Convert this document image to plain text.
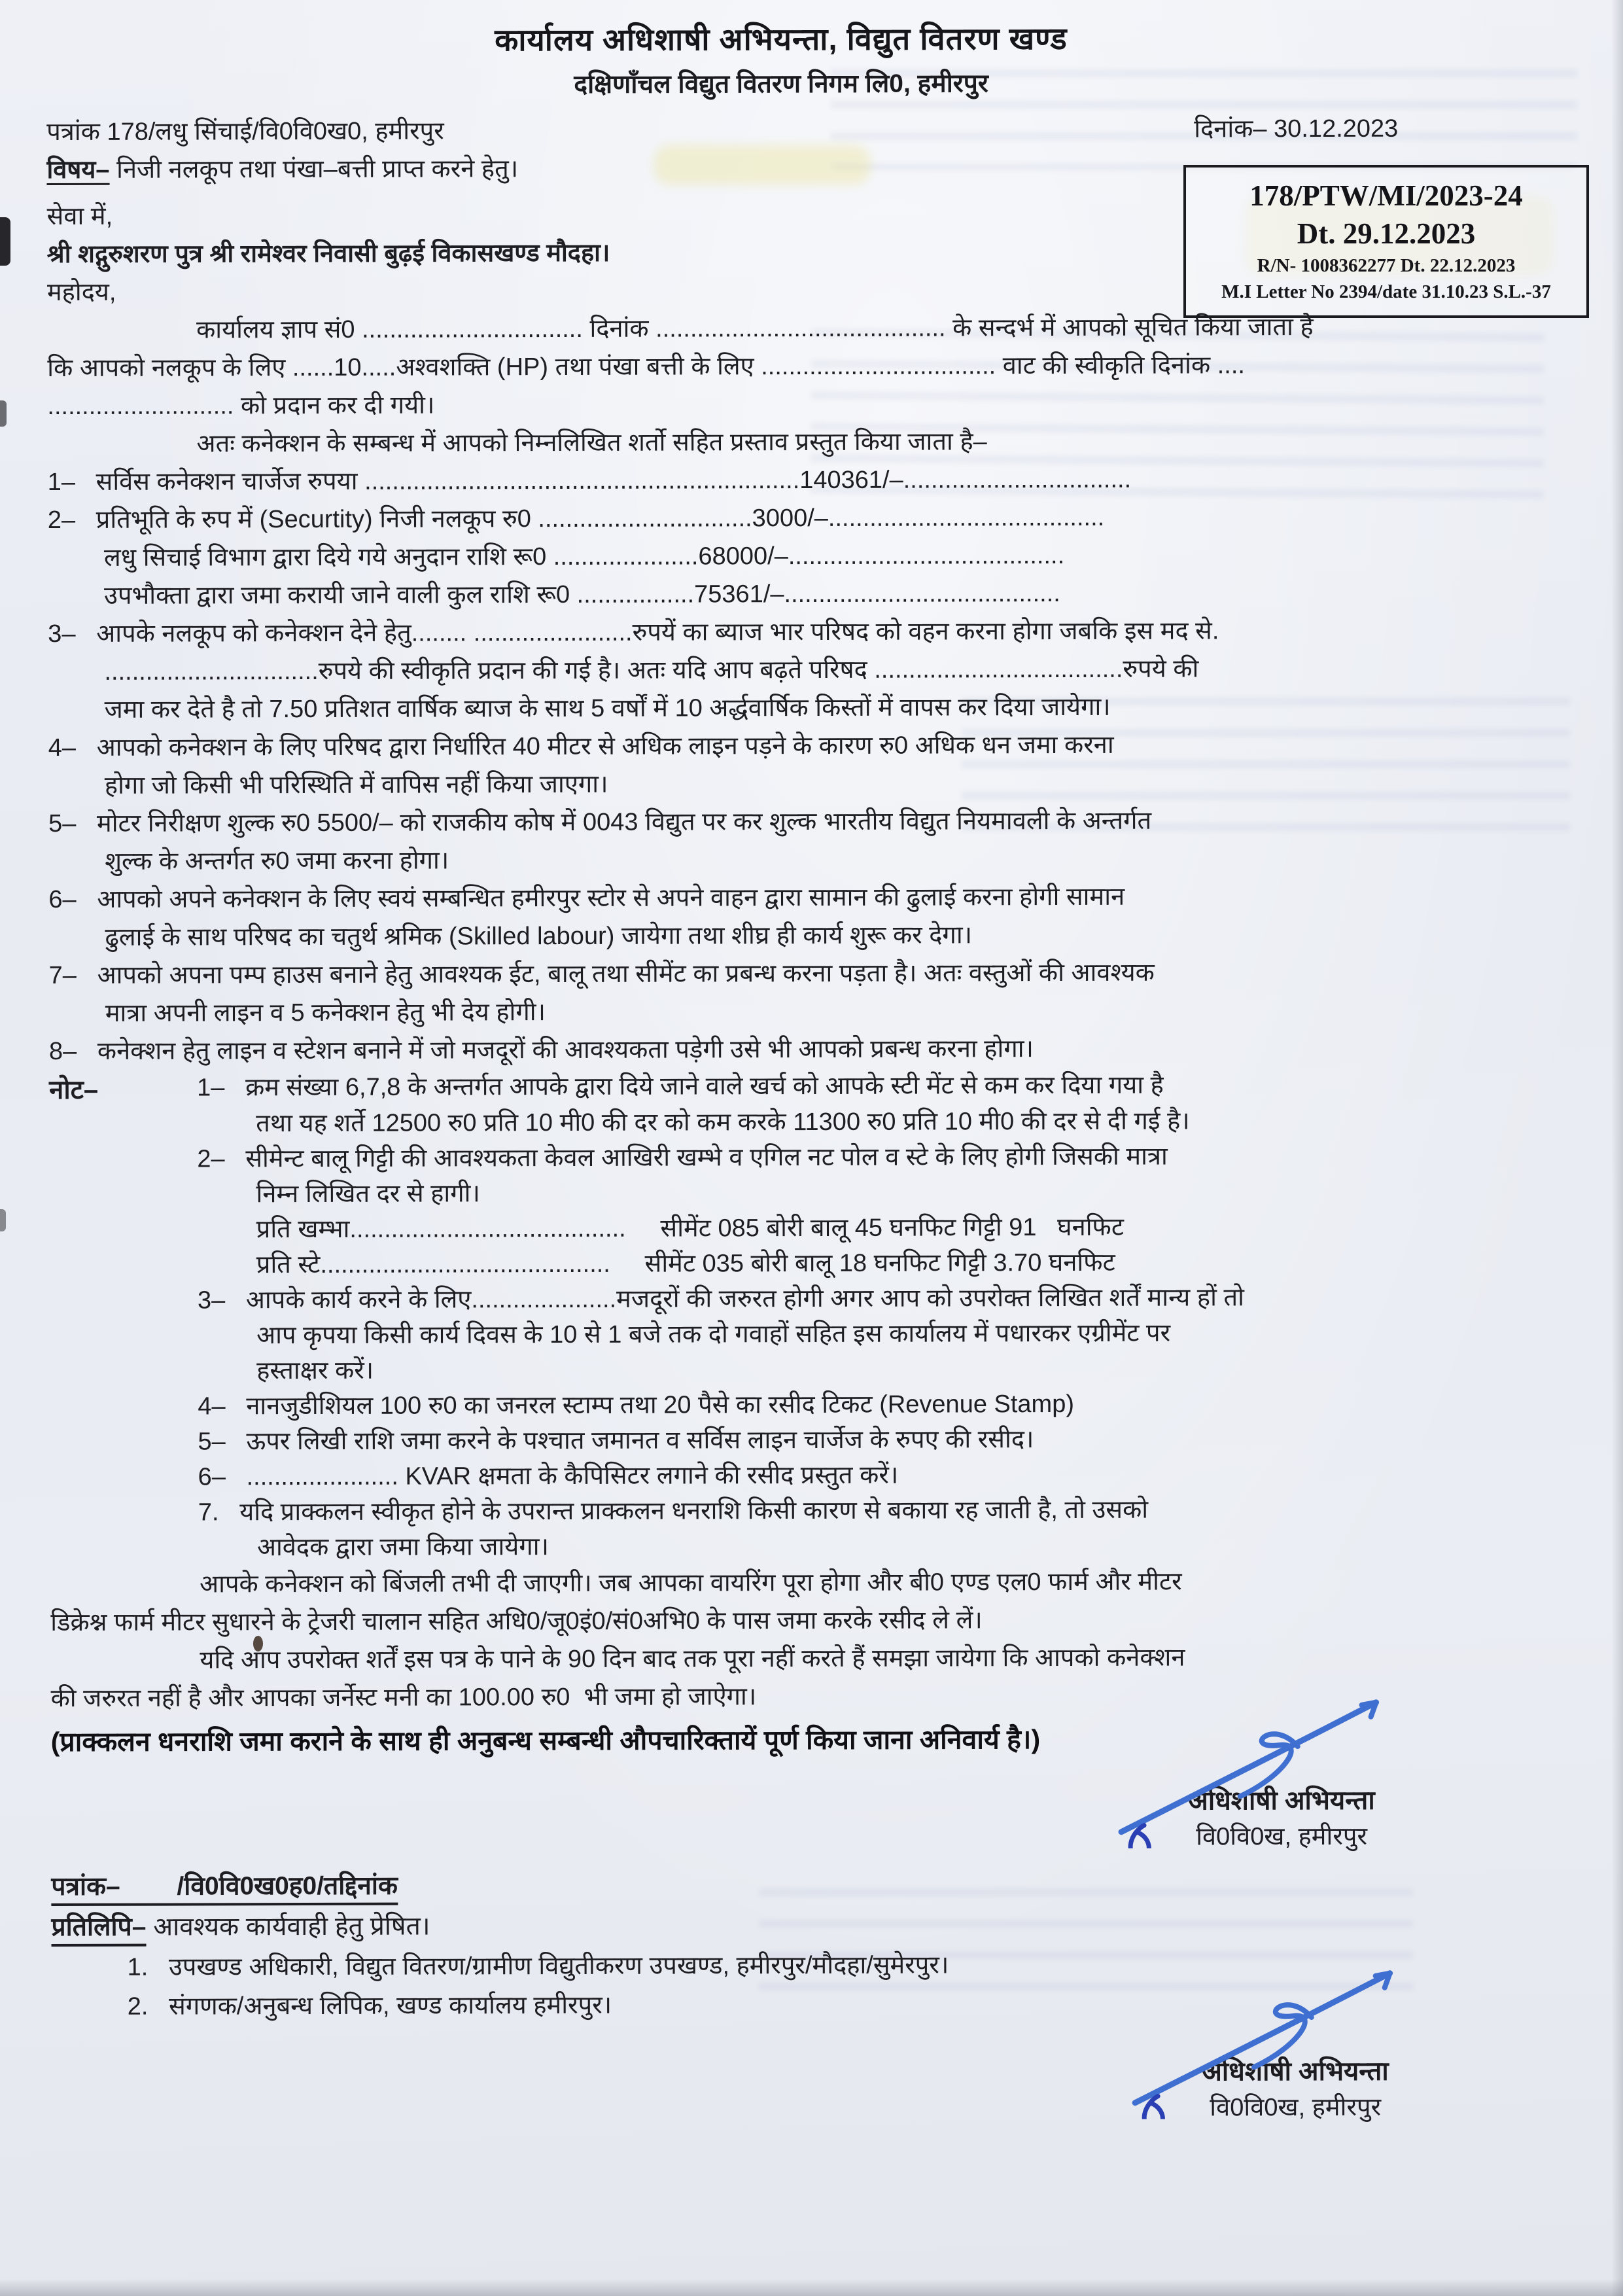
178/PTW/MI/2023-24
Dt. 29.12.2023
R/N- 1008362277 Dt. 22.12.2023
M.I Letter No 2394/date 31.10.23 S.L.-37
कार्यालय अधिशाषी अभियन्ता, विद्युत वितरण खण्ड
दक्षिणाँचल विद्युत वितरण निगम लि0, हमीरपुर
पत्रांक 178/लधु सिंचाई/वि0वि0ख0, हमीरपुर	दिनांक– 30.12.2023
विषय– निजी नलकूप तथा पंखा–बत्ती प्राप्त करने हेतु।
सेवा में,
श्री शद्गुरुशरण पुत्र श्री रामेश्वर निवासी बुढ़ई विकासखण्ड मौदहा।
महोदय,
कार्यालय ज्ञाप सं0 ................................ दिनांक .......................................... के सन्दर्भ में आपको सूचित किया जाता है
कि आपको नलकूप के लिए ......10.....अश्वशक्ति (HP) तथा पंखा बत्ती के लिए .................................. वाट की स्वीकृति दिनांक ....
........................... को प्रदान कर दी गयी।
अतः कनेक्शन के सम्बन्ध में आपको निम्नलिखित शर्तो सहित प्रस्ताव प्रस्तुत किया जाता है–
1–   सर्विस कनेक्शन चार्जेज रुपया ...............................................................140361/–.................................
2–   प्रतिभूति के रुप में (Securtity) निजी नलकूप रु0 ...............................3000/–........................................
लधु सिचाई विभाग द्वारा दिये गये अनुदान राशि रू0 .....................68000/–........................................
उपभौक्ता द्वारा जमा करायी जाने वाली कुल राशि रू0 .................75361/–........................................
3–   आपके नलकूप को कनेक्शन देने हेतु........ .......................रुपयें का ब्याज भार परिषद को वहन करना होगा जबकि इस मद से.
...............................रुपये की स्वीकृति प्रदान की गई है। अतः यदि आप बढ़ते परिषद ....................................रुपये की
जमा कर देते है तो 7.50 प्रतिशत वार्षिक ब्याज के साथ 5 वर्षों में 10 अर्द्धवार्षिक किस्तों में वापस कर दिया जायेगा।
4–   आपको कनेक्शन के लिए परिषद द्वारा निर्धारित 40 मीटर से अधिक लाइन पड़ने के कारण रु0 अधिक धन जमा करना
होगा जो किसी भी परिस्थिति में वापिस नहीं किया जाएगा।
5–   मोटर निरीक्षण शुल्क रु0 5500/– को राजकीय कोष में 0043 विद्युत पर कर शुल्क भारतीय विद्युत नियमावली के अन्तर्गत
शुल्क के अन्तर्गत रु0 जमा करना होगा।
6–   आपको अपने कनेक्शन के लिए स्वयं सम्बन्धित हमीरपुर स्टोर से अपने वाहन द्वारा सामान की ढुलाई करना होगी सामान
ढुलाई के साथ परिषद का चतुर्थ श्रमिक (Skilled labour) जायेगा तथा शीघ्र ही कार्य शुरू कर देगा।
7–   आपको अपना पम्प हाउस बनाने हेतु आवश्यक ईट, बालू तथा सीमेंट का प्रबन्ध करना पड़ता है। अतः वस्तुओं की आवश्यक
मात्रा अपनी लाइन व 5 कनेक्शन हेतु भी देय होगी।
8–   कनेक्शन हेतु लाइन व स्टेशन बनाने में जो मजदूरों की आवश्यकता पड़ेगी उसे भी आपको प्रबन्ध करना होगा।
नोट–	1–   क्रम संख्या 6,7,8 के अन्तर्गत आपके द्वारा दिये जाने वाले खर्च को आपके स्टी मेंट से कम कर दिया गया है
तथा यह शर्ते 12500 रु0 प्रति 10 मी0 की दर को कम करके 11300 रु0 प्रति 10 मी0 की दर से दी गई है।
2–   सीमेन्ट बालू गिट्टी की आवश्यकता केवल आखिरी खम्भे व एगिल नट पोल व स्टे के लिए होगी जिसकी मात्रा
निम्न लिखित दर से हागी।
प्रति खम्भा........................................     सीमेंट 085 बोरी बालू 45 घनफिट गिट्टी 91   घनफिट
प्रति स्टे..........................................     सीमेंट 035 बोरी बालू 18 घनफिट गिट्टी 3.70 घनफिट
3–   आपके कार्य करने के लिए.....................मजदूरों की जरुरत होगी अगर आप को उपरोक्त लिखित शर्तें मान्य हों तो
आप कृपया किसी कार्य दिवस के 10 से 1 बजे तक दो गवाहों सहित इस कार्यालय में पधारकर एग्रीमेंट पर
हस्ताक्षर करें।
4–   नानजुडीशियल 100 रु0 का जनरल स्टाम्प तथा 20 पैसे का रसीद टिकट (Revenue Stamp)
5–   ऊपर लिखी राशि जमा करने के पश्चात जमानत व सर्विस लाइन चार्जेज के रुपए की रसीद।
6–   ...................... KVAR क्षमता के कैपिसिटर लगाने की रसीद प्रस्तुत करें।
7.   यदि प्राक्कलन स्वीकृत होने के उपरान्त प्राक्कलन धनराशि किसी कारण से बकाया रह जाती है, तो उसको
आवेदक द्वारा जमा किया जायेगा।
आपके कनेक्शन को बिंजली तभी दी जाएगी। जब आपका वायरिंग पूरा होगा और बी0 एण्ड एल0 फार्म और मीटर
डिक्रेश्न फार्म मीटर सुधारने के ट्रेजरी चालान सहित अधि0/जू0इं0/सं0अभि0 के पास जमा करके रसीद ले लें।
यदि आप उपरोक्त शर्तें इस पत्र के पाने के 90 दिन बाद तक पूरा नहीं करते हैं समझा जायेगा कि आपको कनेक्शन
की जरुरत नहीं है और आपका जर्नेस्ट मनी का 100.00 रु0  भी जमा हो जाऐगा।
(प्राक्कलन धनराशि जमा कराने के साथ ही अनुबन्ध सम्बन्धी औपचारिक्तायें पूर्ण किया जाना अनिवार्य है।)
अधिशाषी अभियन्ता
वि0वि0ख, हमीरपुर
पत्रांक–        /वि0वि0ख0ह0/तद्दिनांक
प्रतिलिपि– आवश्यक कार्यवाही हेतु प्रेषित।
1.   उपखण्ड अधिकारी, विद्युत वितरण/ग्रामीण विद्युतीकरण उपखण्ड, हमीरपुर/मौदहा/सुमेरपुर।
2.   संगणक/अनुबन्ध लिपिक, खण्ड कार्यालय हमीरपुर।
अधिशाषी अभियन्ता
वि0वि0ख, हमीरपुर
